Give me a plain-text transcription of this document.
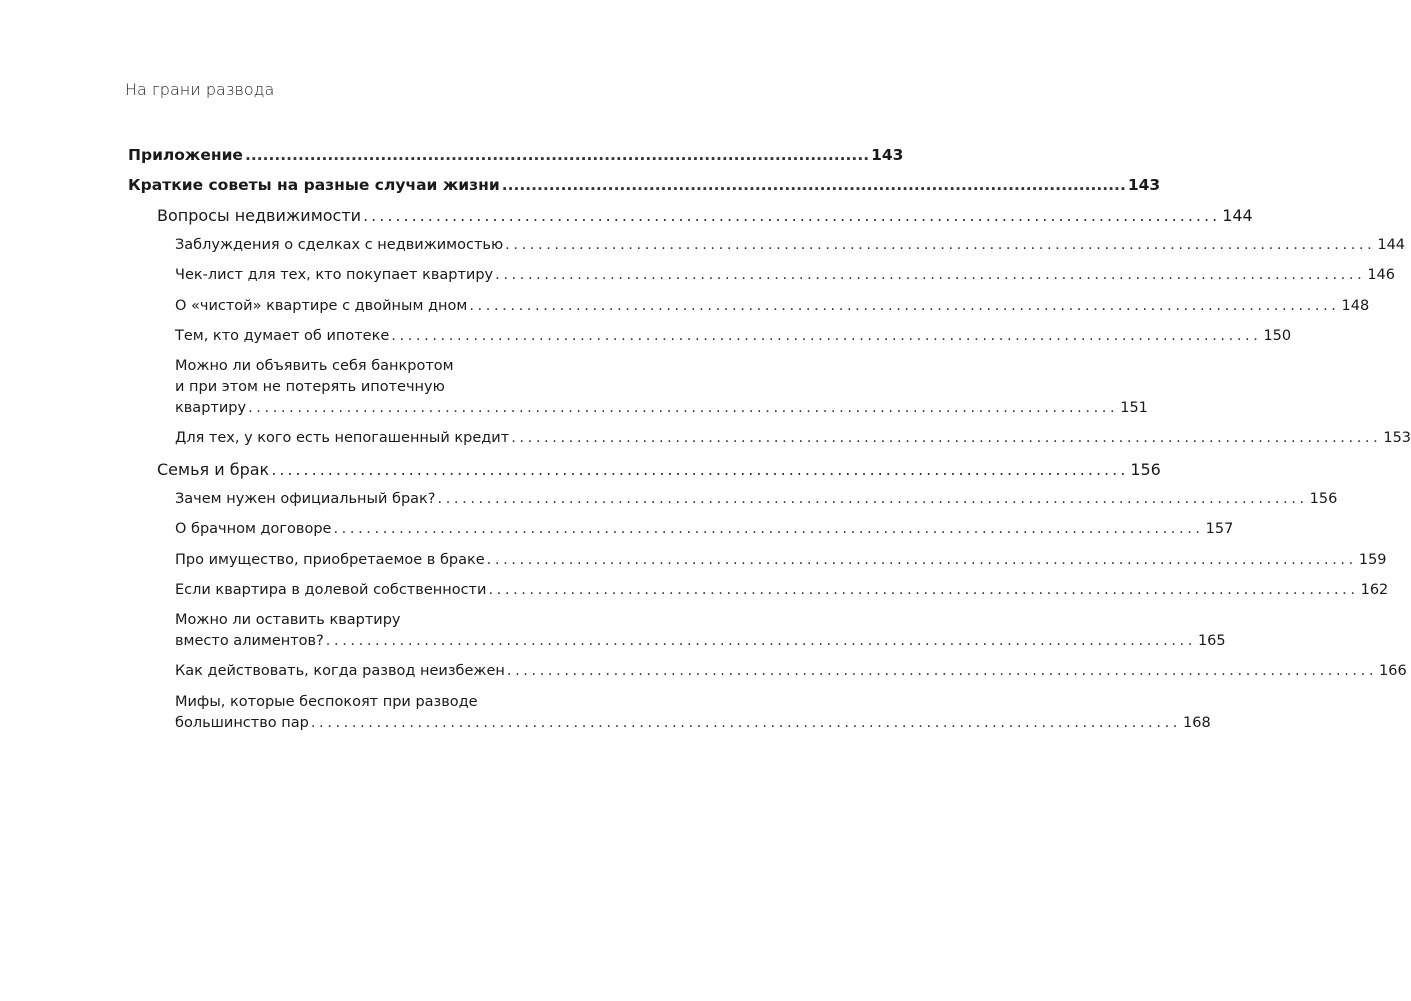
На грани развода
Приложение .......................................................................................................... 143
Краткие советы на разные случаи жизни .......................................................................................................... 143
Вопросы недвижимости .......................................................................................................... 144
Заблуждения о сделках с недвижимостью .......................................................................................................... 144
Чек-лист для тех, кто покупает квартиру .......................................................................................................... 146
О «чистой» квартире с двойным дном .......................................................................................................... 148
Тем, кто думает об ипотеке .......................................................................................................... 150
Можно ли объявить себя банкротом
и при этом не потерять ипотечную
квартиру .......................................................................................................... 151
Для тех, у кого есть непогашенный кредит .......................................................................................................... 153
Семья и брак .......................................................................................................... 156
Зачем нужен официальный брак? .......................................................................................................... 156
О брачном договоре .......................................................................................................... 157
Про имущество, приобретаемое в браке .......................................................................................................... 159
Если квартира в долевой собственности .......................................................................................................... 162
Можно ли оставить квартиру
вместо алиментов? .......................................................................................................... 165
Как действовать, когда развод неизбежен .......................................................................................................... 166
Мифы, которые беспокоят при разводе
большинство пар .......................................................................................................... 168
